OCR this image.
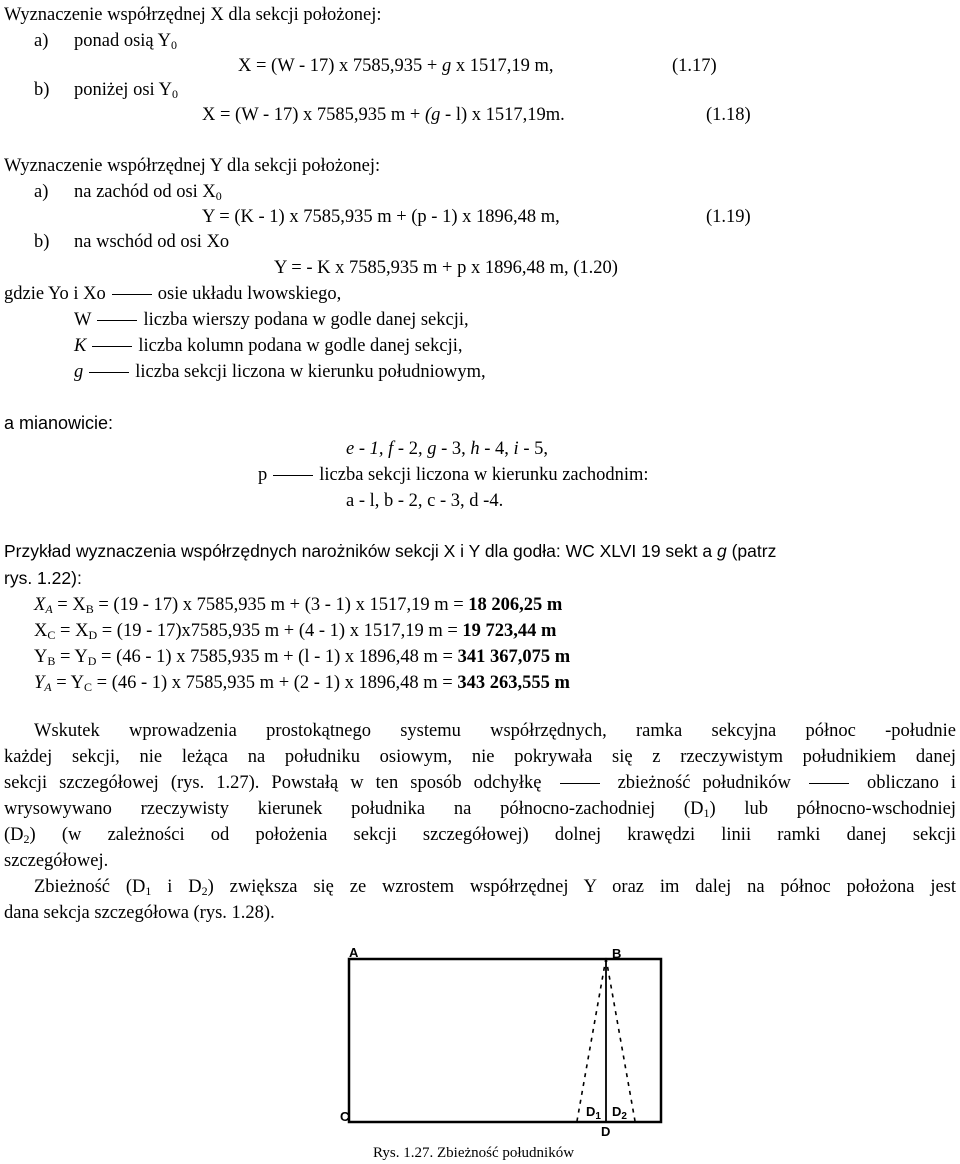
Wyznaczenie współrzędnej X dla sekcji położonej:
a) ponad osią $Y_0$
X = (W - 17) x 7585,935 + g x 1517,19 m,	(1.17)
b) poniżej osi $Y_0$
X = (W - 17) x 7585,935 m + (g - l) x 1517,19m.	(1.18)
Wyznaczenie współrzędnej Y dla sekcji położonej:
a) na zachód od osi $X_0$
Y = (K - 1) x 7585,935 m + (p - 1) x 1896,48 m,	(1.19)
b) na wschód od osi Xo
Y = - K x 7585,935 m + p x 1896,48 m, (1.20)
gdzie Yo i Xo	osie układu lwowskiego,
W	liczba wierszy podana w godle danej sekcji,
K	liczba kolumn podana w godle danej sekcji,
g	liczba sekcji liczona w kierunku południowym,
a mianowicie:
e - 1, f - 2, g - 3, h - 4, i - 5,
p	liczba sekcji liczona w kierunku zachodnim:
a - l, b - 2, c - 3, d -4.
Przykład wyznaczenia współrzędnych narożników sekcji X i Y dla godła: WC XLVI 19 sekt a g (patrz
rys. 1.22):
$X_A = X_B = (19 - 17)$ x 7585,935 m + (3 - 1) x 1517,19 m = 18 206,25 m
$X_C = X_D = (19 - 17)x7585,935$ m + (4 - 1) x 1517,19 m = 19 723,44 m
$Y_B = Y_D = (46 - 1)$ x 7585,935 m + (l - 1) x 1896,48 m = 341 367,075 m
$Y_A = Y_C = (46 - 1)$ x 7585,935 m + (2 - 1) x 1896,48 m = 343 263,555 m
Wskutek wprowadzenia prostokątnego systemu współrzędnych, ramka sekcyjna północ -południe
każdej sekcji, nie leżąca na południku osiowym, nie pokrywała się z rzeczywistym południkiem danej
sekcji szczegółowej (rys. 1.27). Powstałą w ten sposób odchyłkę	zbieżność południków	obliczano i
wrysowywano rzeczywisty kierunek południka na północno-zachodniej $(D_1)$ lub północno-wschodniej
$(D_2)$ (w zależności od położenia sekcji szczegółowej) dolnej krawędzi linii ramki danej sekcji
szczegółowej.
Zbieżność ($D_1$ i $D_2$) zwiększa się ze wzrostem współrzędnej Y oraz im dalej na północ położona jest
dana sekcja szczegółowa (rys. 1.28).
A	B
C
D
$D_1$ $D_2$
Rys. 1.27. Zbieżność południków
